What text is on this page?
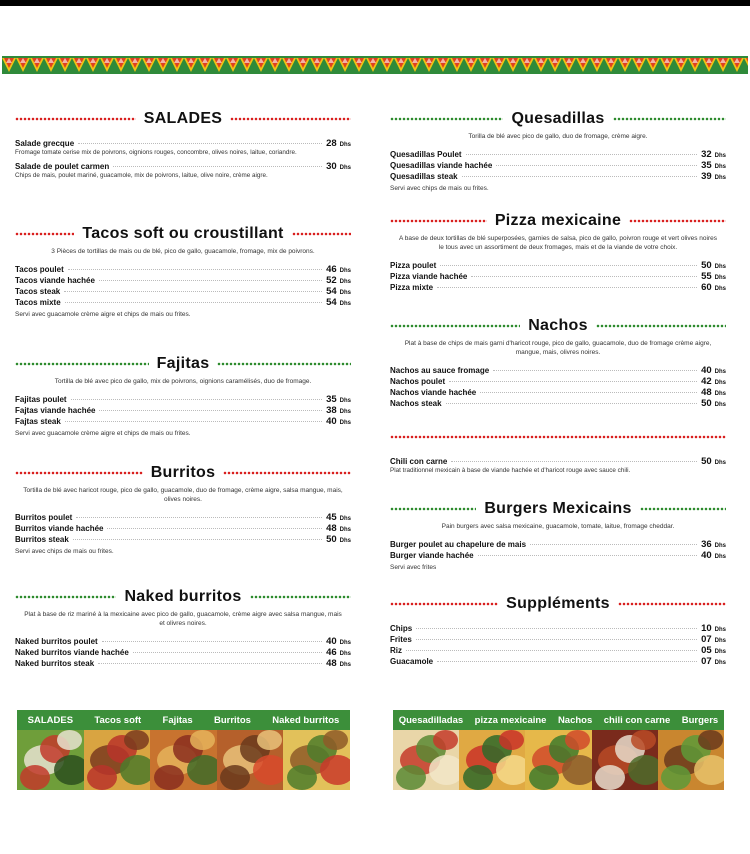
SALADES
Salade grecque	28 Dhs
Fromage tomate cerise mix de poivrons, oignions rouges, concombre, olives noires, laitue, coriandre.
Salade de poulet carmen	30 Dhs
Chips de mais, poulet mariné, guacamole, mix de poivrons, laitue, olive noire, crème aigre.
Tacos soft ou croustillant
3 Pièces de tortillas de mais ou de blé, pico de gallo, guacamole, fromage, mix de poivrons.
Tacos poulet	46 Dhs
Tacos viande hachée	52 Dhs
Tacos steak	54 Dhs
Tacos mixte	54 Dhs
Servi avec guacamole crème aigre et chips de mais ou frites.
Fajitas
Tortilla de blé avec pico de gallo, mix de poivrons, oignions caramélisés, duo de fromage.
Fajitas poulet	35 Dhs
Fajtas viande hachée	38 Dhs
Fajtas steak	40 Dhs
Servi avec guacamole crème aigre et chips de mais ou frites.
Burritos
Tortilla de blé avec haricot rouge, pico de gallo, guacamole, duo de fromage, crème aigre, salsa mangue, mais, olives noires.
Burritos poulet	45 Dhs
Burritos viande hachée	48 Dhs
Burritos steak	50 Dhs
Servi avec chips de mais ou frites.
Naked burritos
Plat à base de riz mariné à la mexicaine avec pico de gallo, guacamole, crème aigre avec salsa mangue, mais et olivres noires.
Naked burritos poulet	40 Dhs
Naked burritos viande hachée	46 Dhs
Naked burritos steak	48 Dhs
Quesadillas
Torilla de blé avec pico de gallo, duo de fromage, crème aigre.
Quesadillas Poulet	32 Dhs
Quesadillas viande hachée	35 Dhs
Quesadillas steak	39 Dhs
Servi avec chips de mais ou frites.
Pizza mexicaine
A base de deux tortillas de blé superposées, garnies de salsa, pico de gallo, poivron rouge et vert olives noires le tous avec un assortiment de deux fromages, mais et de la viande de votre choix.
Pizza poulet	50 Dhs
Pizza viande hachée	55 Dhs
Pizza mixte	60 Dhs
Nachos
Plat à base de chips de mais garni d'haricot rouge, pico de gallo, guacamole, duo de fromage crème aigre, mangue, mais, olivres noires.
Nachos au sauce fromage	40 Dhs
Nachos poulet	42 Dhs
Nachos viande hachée	48 Dhs
Nachos steak	50 Dhs
Chili con carne	50 Dhs
Plat traditionnel mexicain à base de viande hachée et d'haricot rouge avec sauce chili.
Burgers Mexicains
Pain burgers avec salsa mexicaine, guacamole, tomate, laitue, fromage cheddar.
Burger poulet au chapelure de mais	36 Dhs
Burger viande hachée	40 Dhs
Servi avec frites
Suppléments
Chips	10 Dhs
Frites	07 Dhs
Riz	05 Dhs
Guacamole	07 Dhs
SALADES Tacos soft Fajitas Burritos Naked burritos	Quesadilladas pizza mexicaine Nachos chili con carne Burgers
